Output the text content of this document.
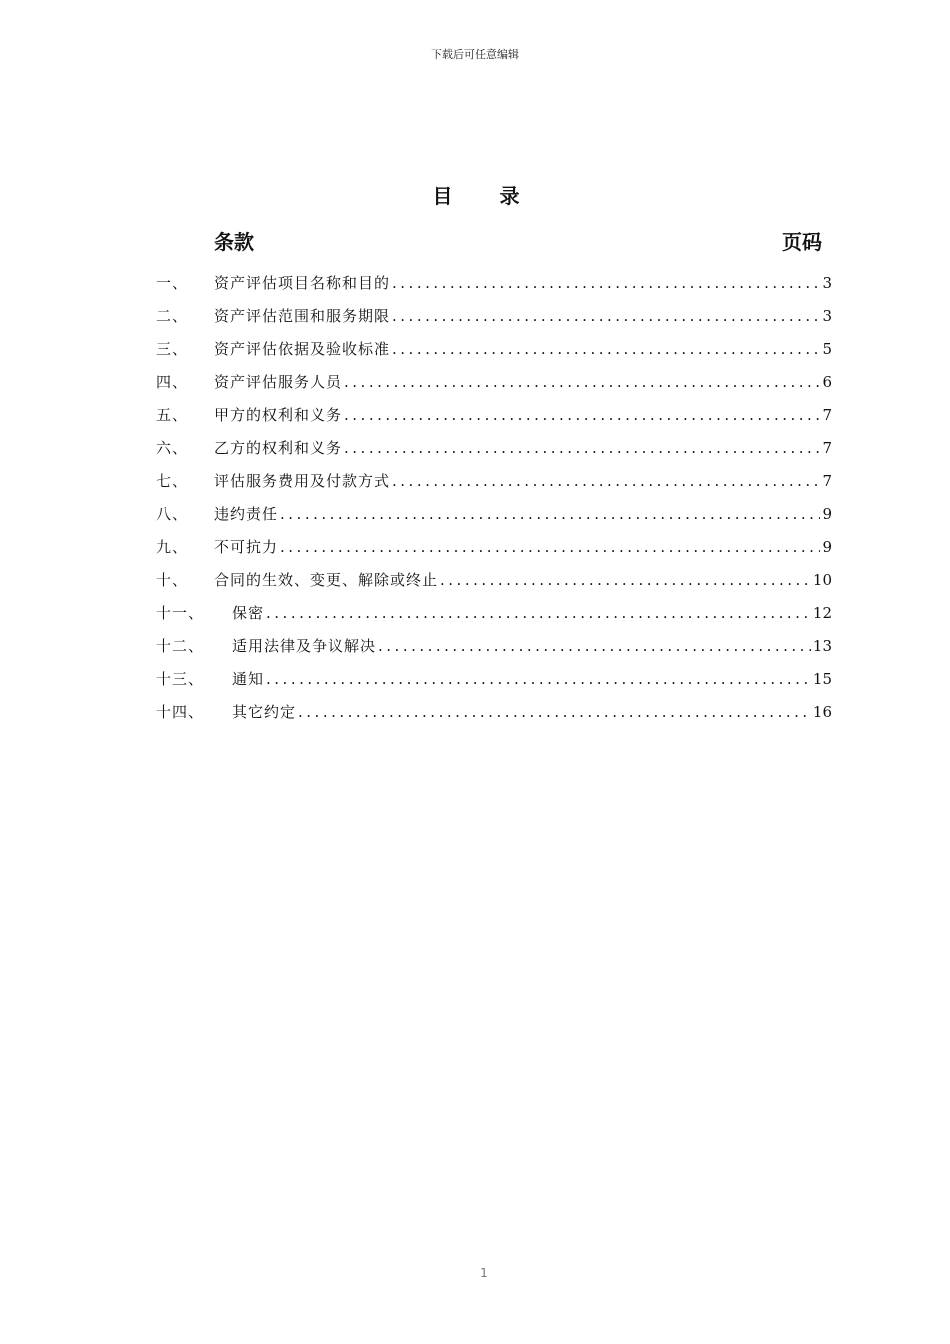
下载后可任意编辑
目 录
条款	页码
一、	资产评估项目名称和目的 .....	3
二、	资产评估范围和服务期限 .....	3
三、	资产评估依据及验收标准 .....	5
四、	资产评估服务人员 .....	6
五、	甲方的权利和义务 .....	7
六、	乙方的权利和义务 .....	7
七、	评估服务费用及付款方式 .....	7
八、	违约责任 .....	9
九、	不可抗力 .....	9
十、	合同的生效、变更、解除或终止 .....	10
十一、	保密 .....	12
十二、	适用法律及争议解决 .....	13
十三、	通知 .....	15
十四、	其它约定 .....	16
1
